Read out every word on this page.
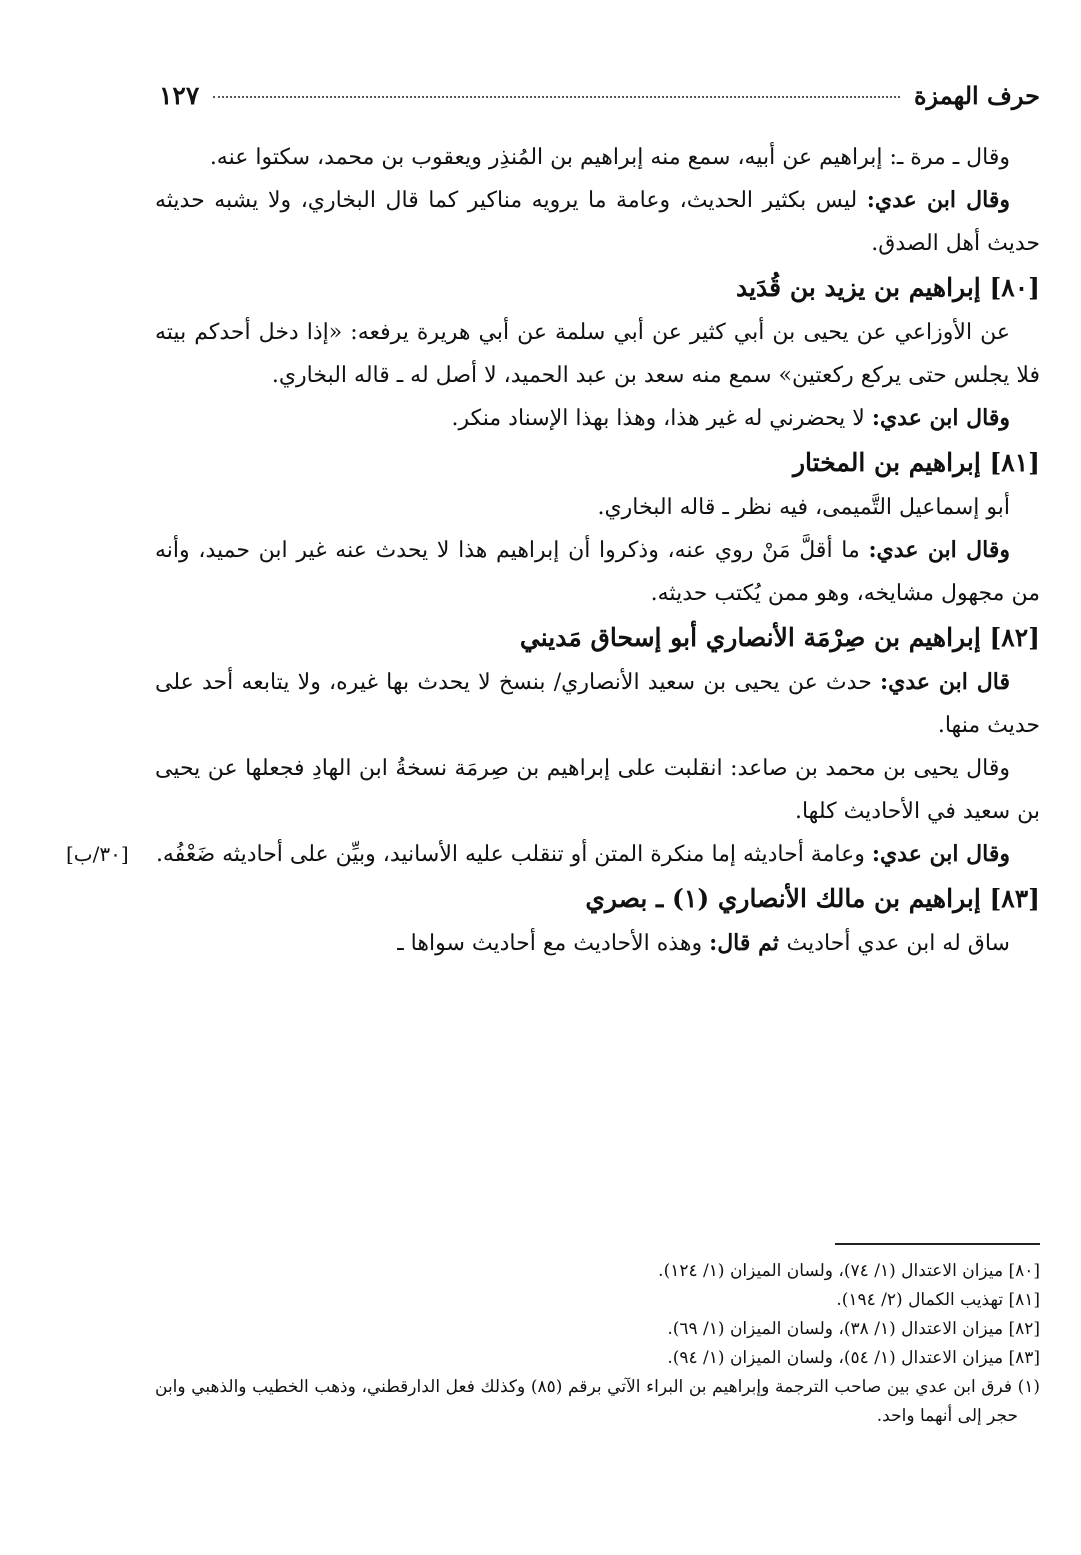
حرف الهمزة
١٢٧

وقال ـ مرة ـ: إبراهيم عن أبيه، سمع منه إبراهيم بن المُنذِر ويعقوب بن محمد، سكتوا عنه.

وقال ابن عدي: ليس بكثير الحديث، وعامة ما يرويه مناكير كما قال البخاري، ولا يشبه حديثه حديث أهل الصدق.

[٨٠] إبراهيم بن يزيد بن قُدَيد

عن الأوزاعي عن يحيى بن أبي كثير عن أبي سلمة عن أبي هريرة يرفعه: «إذا دخل أحدكم بيته فلا يجلس حتى يركع ركعتين» سمع منه سعد بن عبد الحميد، لا أصل له ـ قاله البخاري.

وقال ابن عدي: لا يحضرني له غير هذا، وهذا بهذا الإسناد منكر.

[٨١] إبراهيم بن المختار

أبو إسماعيل التَّميمى، فيه نظر ـ قاله البخاري.

وقال ابن عدي: ما أقلَّ مَنْ روي عنه، وذكروا أن إبراهيم هذا لا يحدث عنه غير ابن حميد، وأنه من مجهول مشايخه، وهو ممن يُكتب حديثه.

[٨٢] إبراهيم بن صِرْمَة الأنصاري أبو إسحاق مَديني

قال ابن عدي: حدث عن يحيى بن سعيد الأنصاري/ بنسخ لا يحدث بها غيره، ولا يتابعه أحد على حديث منها.

وقال يحيى بن محمد بن صاعد: انقلبت على إبراهيم بن صِرمَة نسخةُ ابن الهادِ فجعلها عن يحيى بن سعيد في الأحاديث كلها.

وقال ابن عدي: وعامة أحاديثه إما منكرة المتن أو تنقلب عليه الأسانيد، وبيِّن على أحاديثه ضَعْفُه.

[٨٣] إبراهيم بن مالك الأنصاري (١) ـ بصري

ساق له ابن عدي أحاديث ثم قال: وهذه الأحاديث مع أحاديث سواها ـ

[٣٠/ب]

[٨٠] ميزان الاعتدال (١/ ٧٤)، ولسان الميزان (١/ ١٢٤).

[٨١] تهذيب الكمال (٢/ ١٩٤).

[٨٢] ميزان الاعتدال (١/ ٣٨)، ولسان الميزان (١/ ٦٩).

[٨٣] ميزان الاعتدال (١/ ٥٤)، ولسان الميزان (١/ ٩٤).

(١) فرق ابن عدي بين صاحب الترجمة وإبراهيم بن البراء الآتي برقم (٨٥) وكذلك فعل الدارقطني، وذهب الخطيب والذهبي وابن حجر إلى أنهما واحد.
